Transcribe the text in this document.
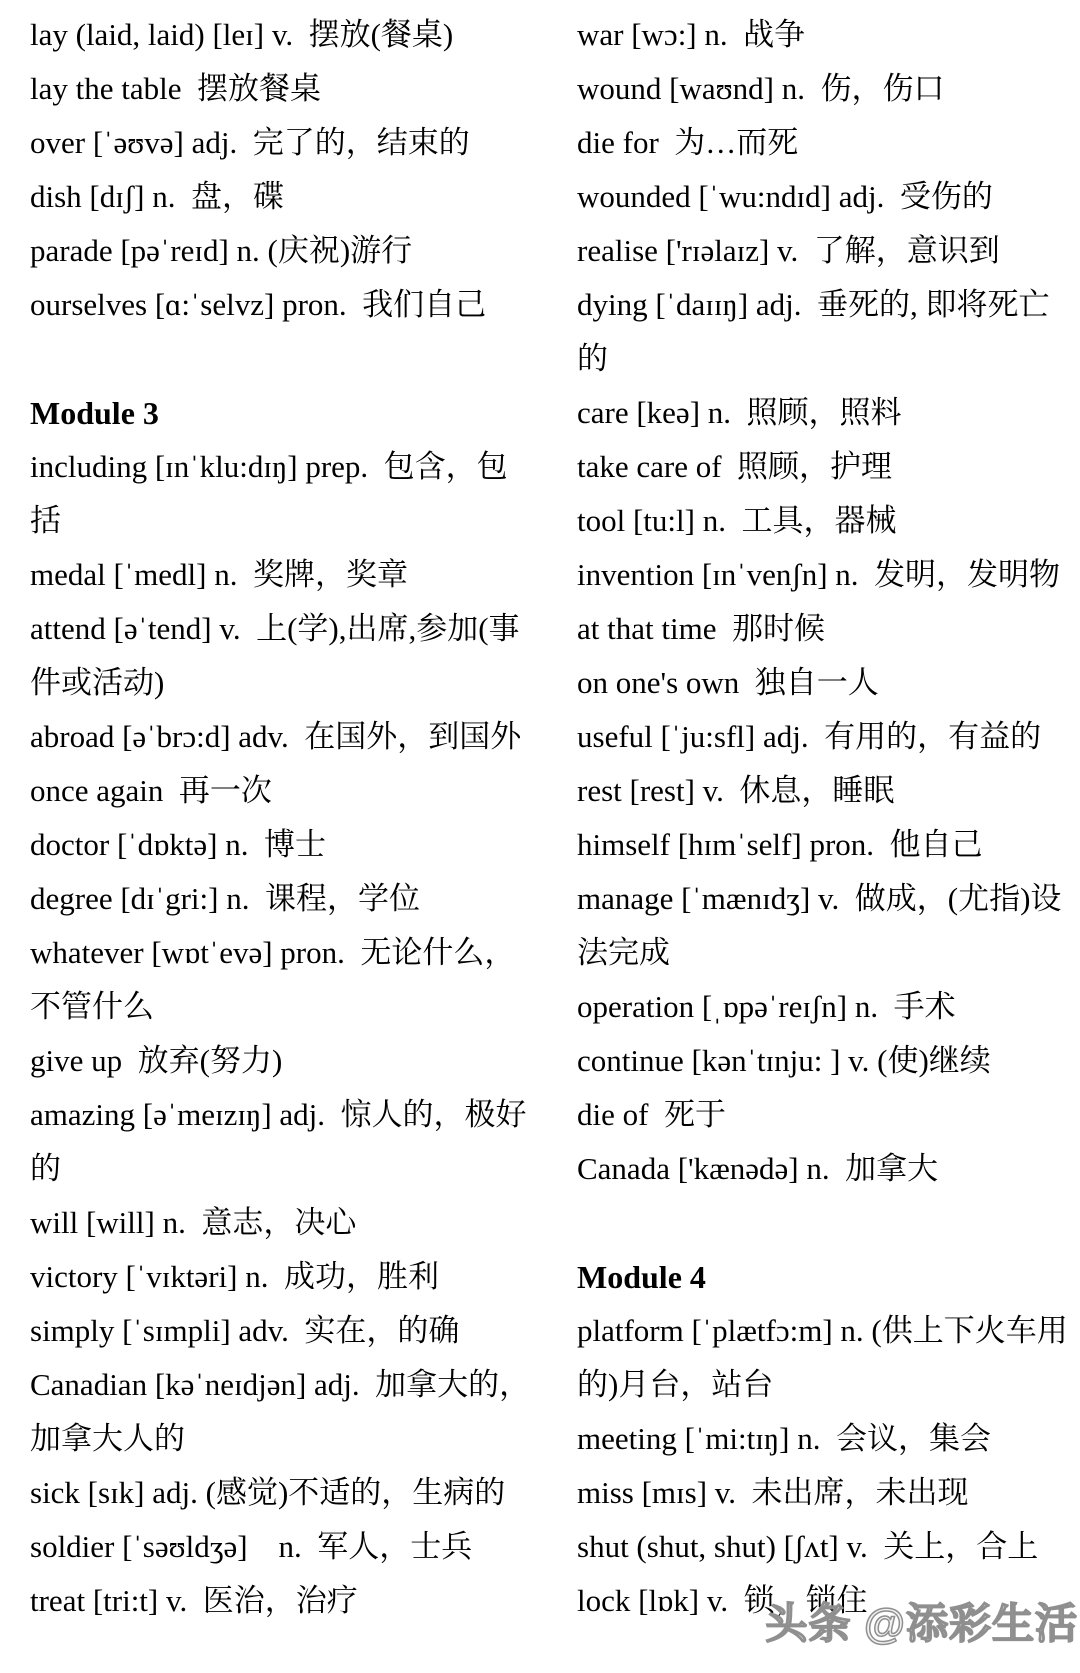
lay (laid, laid) [leɪ] v.  摆放(餐桌)

lay the table  摆放餐桌

over [ˈəʊvə] adj.  完了的，结束的

dish [dɪʃ] n.  盘，碟

parade [pəˈreɪd] n. (庆祝)游行

ourselves [ɑ:ˈselvz] pron.  我们自己

Module 3

including [ɪnˈklu:dɪŋ] prep.  包含，包括

medal [ˈmedl] n.  奖牌，奖章

attend [əˈtend] v.  上(学),出席,参加(事件或活动)

abroad [əˈbrɔ:d] adv.  在国外，到国外

once again  再一次

doctor [ˈdɒktə] n.  博士

degree [dɪˈgri:] n.  课程，学位

whatever [wɒtˈevə] pron.  无论什么，不管什么

give up  放弃(努力)

amazing [əˈmeɪzɪŋ] adj.  惊人的，极好的

will [will] n.  意志，决心

victory [ˈvɪktəri] n.  成功，胜利

simply [ˈsɪmpli] adv.  实在，的确

Canadian [kəˈneɪdjən] adj.  加拿大的，加拿大人的

sick [sɪk] adj. (感觉)不适的，生病的

soldier [ˈsəʊldʒə]    n.  军人，士兵

treat [tri:t] v.  医治，治疗

war [wɔ:] n.  战争

wound [waʊnd] n.  伤，伤口

die for  为…而死

wounded [ˈwu:ndɪd] adj.  受伤的

realise ['rɪəlaɪz] v.  了解，意识到

dying [ˈdaɪɪŋ] adj.  垂死的, 即将死亡的

care [keə] n.  照顾，照料

take care of  照顾，护理

tool [tu:l] n.  工具，器械

invention [ɪnˈvenʃn] n.  发明，发明物

at that time  那时候

on one's own  独自一人

useful [ˈju:sfl] adj.  有用的，有益的

rest [rest] v.  休息，睡眠

himself [hɪmˈself] pron.  他自己

manage [ˈmænɪdʒ] v.  做成，(尤指)设法完成

operation [ˌɒpəˈreɪʃn] n.  手术

continue [kənˈtɪnju: ] v. (使)继续

die of  死于

Canada ['kænədə] n.  加拿大

Module 4

platform [ˈplætfɔ:m] n. (供上下火车用的)月台，站台

meeting [ˈmi:tɪŋ] n.  会议，集会

miss [mɪs] v.  未出席，未出现

shut (shut, shut) [ʃʌt] v.  关上，合上

lock [lɒk] v.  锁，锁住

头条 @添彩生活
